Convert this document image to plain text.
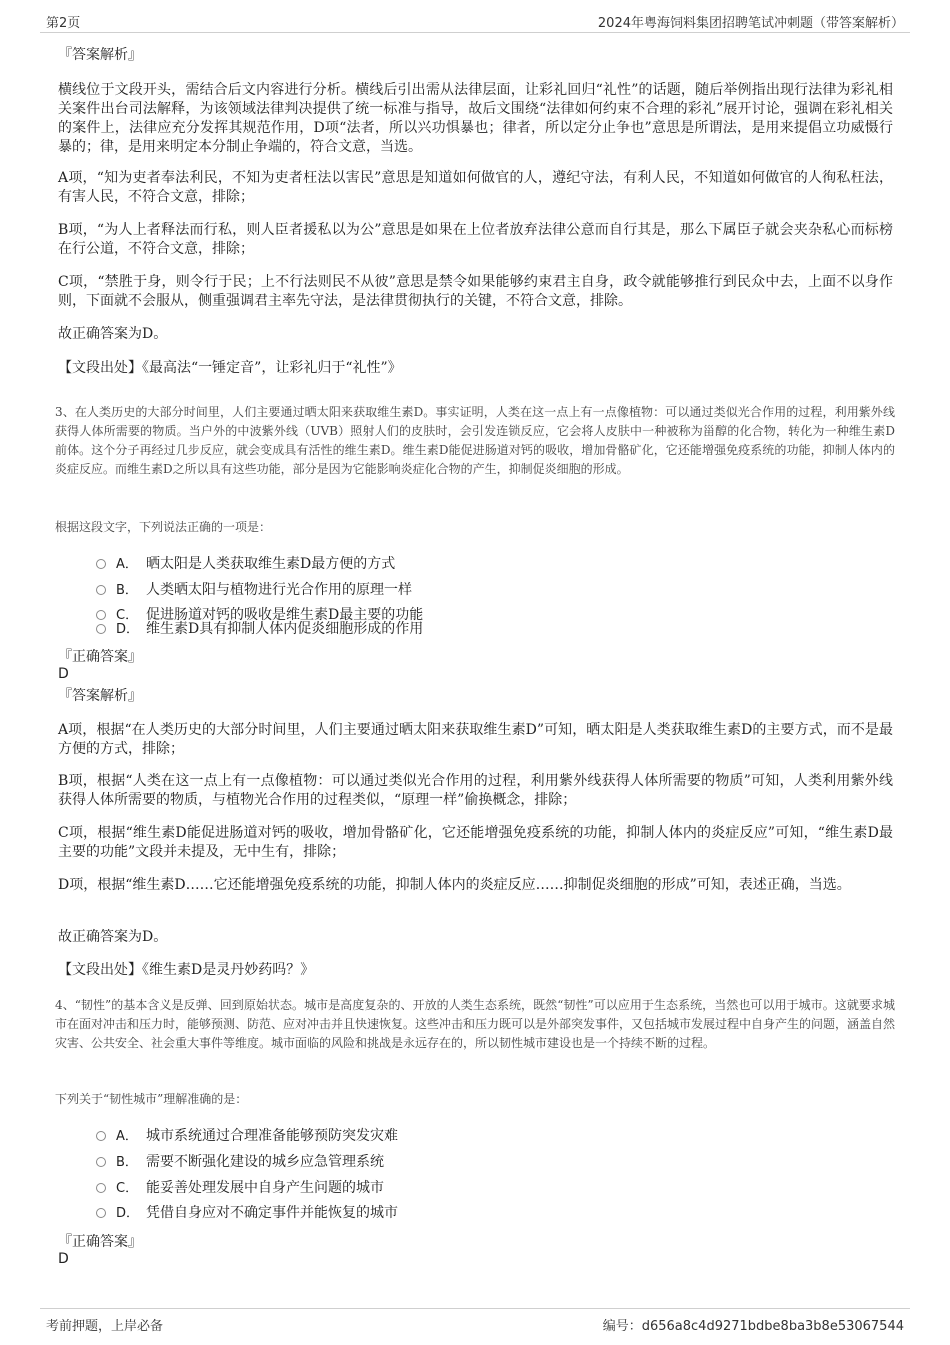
第2页	2024年粤海饲料集团招聘笔试冲刺题（带答案解析）
『答案解析』
横线位于文段开头，需结合后文内容进行分析。横线后引出需从法律层面，让彩礼回归“礼性”的话题，随后举例指出现行法律为彩礼相关案件出台司法解释，为该领域法律判决提供了统一标准与指导，故后文围绕“法律如何约束不合理的彩礼”展开讨论，强调在彩礼相关的案件上，法律应充分发挥其规范作用，D项“法者，所以兴功惧暴也；律者，所以定分止争也”意思是所谓法，是用来提倡立功威慑行暴的；律，是用来明定本分制止争端的，符合文意，当选。
A项，“知为吏者奉法利民，不知为吏者枉法以害民”意思是知道如何做官的人，遵纪守法，有利人民，不知道如何做官的人徇私枉法，有害人民，不符合文意，排除；
B项，“为人上者释法而行私，则人臣者援私以为公”意思是如果在上位者放弃法律公意而自行其是，那么下属臣子就会夹杂私心而标榜在行公道，不符合文意，排除；
C项，“禁胜于身，则令行于民；上不行法则民不从彼”意思是禁令如果能够约束君主自身，政令就能够推行到民众中去，上面不以身作则，下面就不会服从，侧重强调君主率先守法，是法律贯彻执行的关键，不符合文意，排除。
故正确答案为D。
【文段出处】《最高法“一锤定音”，让彩礼归于“礼性”》
3、在人类历史的大部分时间里，人们主要通过晒太阳来获取维生素D。事实证明，人类在这一点上有一点像植物：可以通过类似光合作用的过程，利用紫外线获得人体所需要的物质。当户外的中波紫外线（UVB）照射人们的皮肤时，会引发连锁反应，它会将人皮肤中一种被称为甾醇的化合物，转化为一种维生素D前体。这个分子再经过几步反应，就会变成具有活性的维生素D。维生素D能促进肠道对钙的吸收，增加骨骼矿化，它还能增强免疫系统的功能，抑制人体内的炎症反应。而维生素D之所以具有这些功能，部分是因为它能影响炎症化合物的产生，抑制促炎细胞的形成。
根据这段文字，下列说法正确的一项是：
A． 晒太阳是人类获取维生素D最方便的方式
B． 人类晒太阳与植物进行光合作用的原理一样
C． 促进肠道对钙的吸收是维生素D最主要的功能
D． 维生素D具有抑制人体内促炎细胞形成的作用
『正确答案』
D
『答案解析』
A项，根据“在人类历史的大部分时间里，人们主要通过晒太阳来获取维生素D”可知，晒太阳是人类获取维生素D的主要方式，而不是最方便的方式，排除；
B项，根据“人类在这一点上有一点像植物：可以通过类似光合作用的过程，利用紫外线获得人体所需要的物质”可知，人类利用紫外线获得人体所需要的物质，与植物光合作用的过程类似，“原理一样”偷换概念，排除；
C项，根据“维生素D能促进肠道对钙的吸收，增加骨骼矿化，它还能增强免疫系统的功能，抑制人体内的炎症反应”可知，“维生素D最主要的功能”文段并未提及，无中生有，排除；
D项，根据“维生素D……它还能增强免疫系统的功能，抑制人体内的炎症反应……抑制促炎细胞的形成”可知，表述正确，当选。
故正确答案为D。
【文段出处】《维生素D是灵丹妙药吗？》
4、“韧性”的基本含义是反弹、回到原始状态。城市是高度复杂的、开放的人类生态系统，既然“韧性”可以应用于生态系统，当然也可以用于城市。这就要求城市在面对冲击和压力时，能够预测、防范、应对冲击并且快速恢复。这些冲击和压力既可以是外部突发事件，又包括城市发展过程中自身产生的问题，涵盖自然灾害、公共安全、社会重大事件等维度。城市面临的风险和挑战是永远存在的，所以韧性城市建设也是一个持续不断的过程。
下列关于“韧性城市”理解准确的是：
A． 城市系统通过合理准备能够预防突发灾难
B． 需要不断强化建设的城乡应急管理系统
C． 能妥善处理发展中自身产生问题的城市
D． 凭借自身应对不确定事件并能恢复的城市
『正确答案』
D
考前押题，上岸必备	编号：d656a8c4d9271bdbe8ba3b8e53067544
